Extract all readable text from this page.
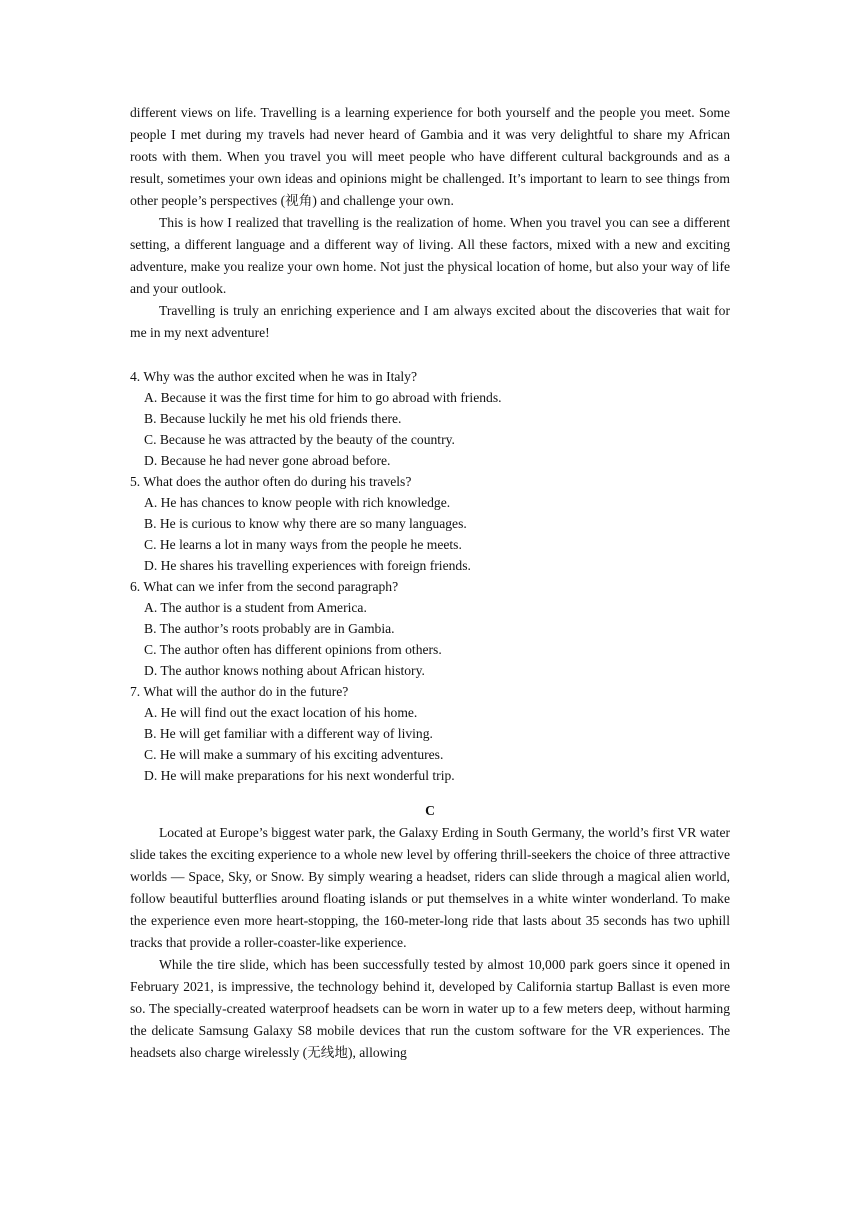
different views on life. Travelling is a learning experience for both yourself and the people you meet. Some people I met during my travels had never heard of Gambia and it was very delightful to share my African roots with them. When you travel you will meet people who have different cultural backgrounds and as a result, sometimes your own ideas and opinions might be challenged. It’s important to learn to see things from other people’s perspectives (视角) and challenge your own.

This is how I realized that travelling is the realization of home. When you travel you can see a different setting, a different language and a different way of living. All these factors, mixed with a new and exciting adventure, make you realize your own home. Not just the physical location of home, but also your way of life and your outlook.

Travelling is truly an enriching experience and I am always excited about the discoveries that wait for me in my next adventure!

4. Why was the author excited when he was in Italy?

A. Because it was the first time for him to go abroad with friends.

B. Because luckily he met his old friends there.

C. Because he was attracted by the beauty of the country.

D. Because he had never gone abroad before.

5. What does the author often do during his travels?

A. He has chances to know people with rich knowledge.

B. He is curious to know why there are so many languages.

C. He learns a lot in many ways from the people he meets.

D. He shares his travelling experiences with foreign friends.

6. What can we infer from the second paragraph?

A. The author is a student from America.

B. The author’s roots probably are in Gambia.

C. The author often has different opinions from others.

D. The author knows nothing about African history.

7. What will the author do in the future?

A. He will find out the exact location of his home.

B. He will get familiar with a different way of living.

C. He will make a summary of his exciting adventures.

D. He will make preparations for his next wonderful trip.

C

Located at Europe’s biggest water park, the Galaxy Erding in South Germany, the world’s first VR water slide takes the exciting experience to a whole new level by offering thrill-seekers the choice of three attractive worlds — Space, Sky, or Snow. By simply wearing a headset, riders can slide through a magical alien world, follow beautiful butterflies around floating islands or put themselves in a white winter wonderland. To make the experience even more heart-stopping, the 160-meter-long ride that lasts about 35 seconds has two uphill tracks that provide a roller-coaster-like experience.

While the tire slide, which has been successfully tested by almost 10,000 park goers since it opened in February 2021, is impressive, the technology behind it, developed by California startup Ballast is even more so. The specially-created waterproof headsets can be worn in water up to a few meters deep, without harming the delicate Samsung Galaxy S8 mobile devices that run the custom software for the VR experiences. The headsets also charge wirelessly (无线地), allowing
